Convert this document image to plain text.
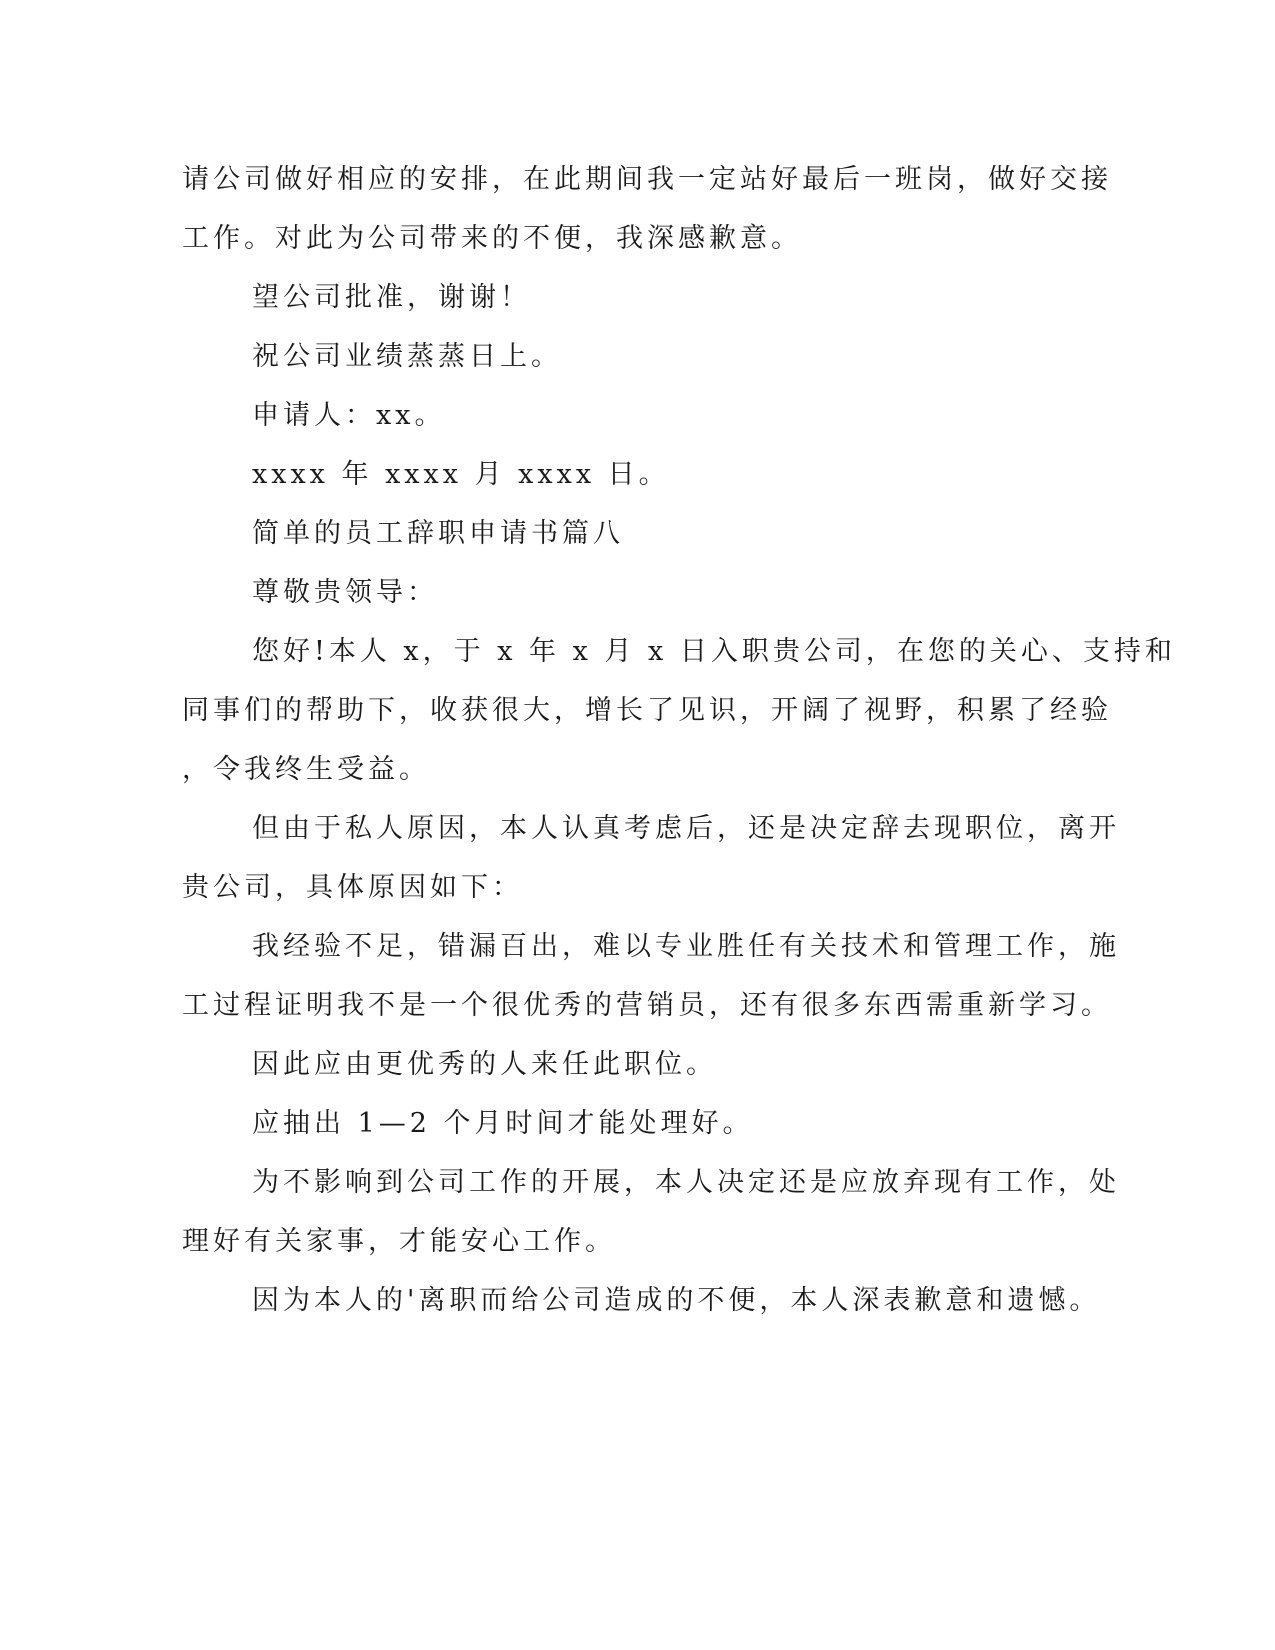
请公司做好相应的安排，在此期间我一定站好最后一班岗，做好交接
工作。对此为公司带来的不便，我深感歉意。
望公司批准，谢谢！
祝公司业绩蒸蒸日上。
申请人：xx。
xxxx 年 xxxx 月 xxxx 日。
简单的员工辞职申请书篇八
尊敬贵领导：
您好!本人 x，于 x 年 x 月 x 日入职贵公司，在您的关心、支持和
同事们的帮助下，收获很大，增长了见识，开阔了视野，积累了经验
，令我终生受益。
但由于私人原因，本人认真考虑后，还是决定辞去现职位，离开
贵公司，具体原因如下：
我经验不足，错漏百出，难以专业胜任有关技术和管理工作，施
工过程证明我不是一个很优秀的营销员，还有很多东西需重新学习。
因此应由更优秀的人来任此职位。
应抽出 1—2 个月时间才能处理好。
为不影响到公司工作的开展，本人决定还是应放弃现有工作，处
理好有关家事，才能安心工作。
因为本人的'离职而给公司造成的不便，本人深表歉意和遗憾。
